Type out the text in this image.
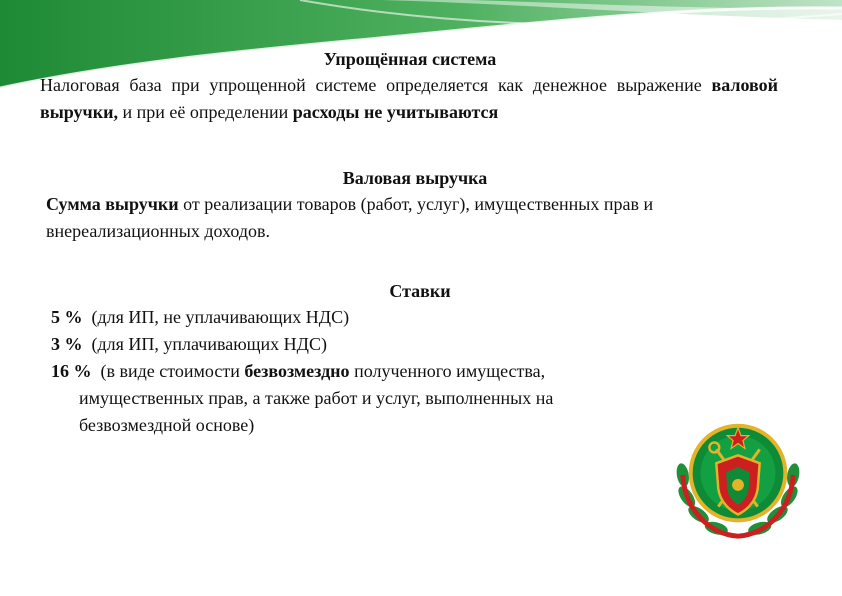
Упрощённая система

Налоговая база при упрощенной системе определяется как денежное выражение валовой выручки, и при её определении расходы не учитываются

Валовая выручка

Сумма выручки от реализации товаров (работ, услуг), имущественных прав и внереализационных доходов.

Ставки

5 % (для ИП, не уплачивающих НДС)
3 % (для ИП, уплачивающих НДС)
16 % (в виде стоимости безвозмездно полученного имущества,
имущественных прав, а также работ и услуг, выполненных на
безвозмездной основе)
